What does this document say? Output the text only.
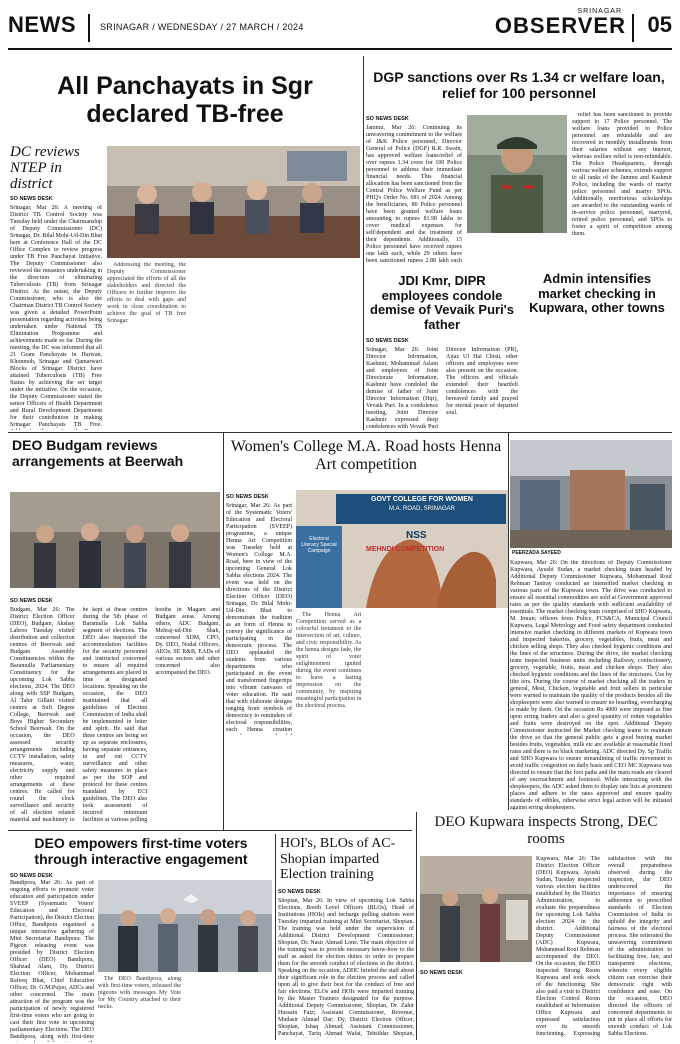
NEWS	SRINAGAR / WEDNESDAY / 27 MARCH / 2024
SRINAGAR
OBSERVER 05
All Panchayats in Sgr declared TB-free
DC reviews NTEP in district
SO NEWS DESK
Srinagar, Mar 26: A meeting of District TB Control Society was Tuesday held under the Chairmanship of Deputy Commissioner (DC) Srinagar, Dr. Bilal Mohi-Ud-Din Bhat here at Conference Hall of the DC Office Complex to review progress under TB Free Panchayat Initiative. The Deputy Commissioner also reviewed the measures undertaking in the direction of eliminating Tuberculosis (TB) from Srinagar District. At the outset, the Deputy Commissioner, who is also the Chairman District TB Control Society was given a detailed PowerPoint presentation regarding activities being undertaken under National TB Elimination Programme and achievements made so far. During the meeting, the DC was informed that all 21 Gram Panchayats in Harwan, Khonmoh, Srinagar and Qamarwari Blocks of Srinagar District have attained Tuberculosis (TB) Free Status by achieving the set target under the initiative. On the occasion, the Deputy Commissioner stated the senior Officers of Health Department and Rural Development Department for their contribution in making Srinagar Panchayats TB Free.

Addressing the meeting, the Deputy Commissioner appreciated the efforts of all the stakeholders and directed the Officers to further improve the efforts to deal with gaps and work in close coordination to achieve the goal of TB free Srinagar.

DGP sanctions over Rs 1.34 cr welfare loan, relief for 100 personnel
SO NEWS DESK
Jammu, Mar 26: Continuing its unwavering commitment to the welfare of J&K Police personnel, Director General of Police (DGP) R.R. Swain, has approved welfare loans/relief of over rupees 1.34 crore for 100 Police personnel to address their immediate financial needs. This financial allocation has been sanctioned from the Central Police Welfare Fund as per PHQ's Order No. 681 of 2024. Among the beneficiaries, 80 Police personnel have been granted welfare loans amounting to rupees 81.98 lakhs to cover medical expenses for self/dependent and the treatment of their dependents. Additionally, 15 Police personnel have received rupees one lakh each, while 29 others have been sanctioned rupees 2.88 lakh each

relief has been sanctioned to provide support to 17 Police personnel. The welfare loans provided to Police personnel are refundable and are recovered in monthly installments from their salaries without any interest, whereas welfare relief is non-refundable. The Police Headquarters, through various welfare schemes, extends support to all ranks of the Jammu and Kashmir Police, including the wards of martyr police personnel and martyr SPOs. Additionally, meritorious scholarships are awarded to the outstanding wards of in-service police personnel, martyred, retired police personnel, and SPOs to foster a spirit of competition among them.

JDI Kmr, DIPR employees condole demise of Vevaik Puri's father
SO NEWS DESK
Srinagar, Mar 26: Joint Director Information, Kashmir, Mohammad Aslam and employees of Joint Directorate Information, Kashmir have condoled the demise of father of Joint Director Information (Hqr), Vevaik Puri. In a condolence meeting, Joint Director Kashmir expressed deep condolences with Vevaik Puri Director Information (PR), Aijaz Ul Hai Chisti, other officers and employees were also present on the occasion. The officers and officials extended their heartfelt condolences with the bereaved family and prayed for eternal peace of departed soul.
Admin intensifies market checking in Kupwara, other towns
PEERZADA SAYEED
Kupwara, Mar 26: On the directions of Deputy Commissioner Kupwara, Ayushi Sudan, a market checking team headed by Additional Deputy Commissioner Kupwara, Mohammad Rouf Rehman Tantray conducted an intensified market checking in various parts of the Kupwara town. The drive was conducted to ensure all essential commodities are sold at Government approved rates as per the quality standards with sufficient availability of essentials. The market checking team comprised of SHO Kupwara, M. Imran; officers from Police, FCS&CA, Municipal Council Kupwara, Legal Metrology and Food safety department conducted intensive market checking in different markets of Kupwara town and inspected bakeries, grocery, vegetables, fruits, meat and chicken selling shops. They also checked hygienic conditions and the lines of the structures. During the drive, the market checking team inspected business units including Railway, confectionery, grocery, vegetable, fruits, meat and chicken shops. They also checked hygienic conditions and the lines of the structures. Use by tthe ters. During the course of market checking all the traders in general, Meat, Chicken, vegetable and fruit sellers in particular were warned to maintain the quality of the products besides all the shopkeepers were also warned to ensure no hoarding, overcharging is made by them. On the occasion Rs 4900 were imposed as fine upon erring traders and also a good quantity of rotten vegetables and fruits were destroyed on the spot. Additional Deputy Commissioner instructed the Market checking teams to maintain the drive so that the general public gets a good buying market besides fruits, vegetables, milk etc are available at reasonable fixed rates and there is no black marketing. ADC directed Dy. Sp Traffic and SHO Kupwara to ensure streamlining of traffic movement to avoid traffic congestion on daily basis and CEO MC Kupwara was directed to ensure that the foot paths and the main roads are cleared of any encroachment and footstool. While interacting with the shopkeepers, the ADC asked them to display rate lists at prominent places and adhere to the rates approved and ensure quality standards of edibles, otherwise strict legal action will be initiated against erring shopkeepers.
DEO Budgam reviews arrangements at Beerwah
SO NEWS DESK
Budgam, Mar 26: The District Election Officer (DEO), Budgam, Akshay Labroo Tuesday visited distribution and collection centres of Beerwah and Budgam Assembly Constituencies within the Baramulla Parliamentary Constituency for the upcoming Lok Sabha elections, 2024. The DEO along with SSP Budgam, Al Tahir Gillani visited centres at Sufi Degree College, Beerwah and Boys Higher Secondary School Beerwah. On the occasion, the DEO assessed security arrangements including CCTV installation, safety measures, water, electricity supply and other required arrangements at these centres. He called for round the clock surveillance and security of all election related material and machinery to be kept at these centres during the 5th phase of Baramulla Lok Sabha segment of elections. The DEO also inspected the accommodation facilities for the security personnel and instructed concerned to ensure all required arrangements are placed in time at designated locations. Speaking on the occasion, the DEO maintained that all guidelines of Election Commission of India shall be implemented in letter and spirit. He said that these centres are being set up as separate enclosures, having separate entrances, in and out CCTV surveillance and other safety measures in place as per the SOP and protocol for these centres mandated by ECI guidelines. The DEO also took assessment of incurred minimum facilities at various polling booths in Magam and Budgam areas. Among others, ADC Budgam, Mehraj-ud-Din Shah, concerned SDM, CPO, Dy. DEO, Nodal Officers, AEOs, SE R&B, EADs of various sectors and other concerned also accompanied the DEO.
Women's College M.A. Road hosts Henna Art competition
GOVT COLLEGE FOR WOMEN
M.A. ROAD, SRINAGAR
NSS
MEHNDI COMPETITION
Electoral Literacy Special Campaign
SO NEWS DESK
Srinagar, Mar 26: As part of the Systematic Voters' Education and Electoral Participation (SVEEP) programme, a unique Henna Art Competition was Tuesday held at Women's College M.A. Road, here in view of the upcoming General Lok Sabha elections 2024. The event was held on the directions of the District Election Officer (DEO) Srinagar, Dr. Bilal Mohi-Ud-Din Bhat to demonstrate the tradition as an form of Henna to convey the significance of participating in the democratic process. The DEO applauded the students from various departments who participated in the event and transformed fingertips into vibrant canvases of voter education. He said that with elaborate designs ranging from symbols of democracy to reminders of electoral responsibilities, each Henna creation

The Henna Art Competition served as a colourful testament to the intersection of art, culture, and civic responsibility. As the henna designs fade, the spirit of voter enlightenment ignited during the event continues to leave a lasting impression on the community, by inspiring meaningful participation in the electoral process.

DEO empowers first-time voters through interactive engagement
SO NEWS DESK
Bandipora, Mar 26: As part of ongoing efforts to promote voter education and participation under SVEEP (Systematic Voters' Education and Electoral Participation), the District Election Office, Bandipora organised a unique interactive gathering of Mini Secretariat Bandipora. The Pigeon releasing event was presided by District Election Officer (DEO) Bandipora, Shahzad Alam, Dy. District Election Officer, Mohammad Rafeeq Bhat, Chief Education Officer, Dr. G.M.Pujoo, ADCs and other concerned. The main attraction of the program was the participation of newly registered first-time voters who are going to cast their first vote in upcoming parliamentary Elections. The DEO Bandipora, along with first-time

The DEO Bandipora, along with first-time voters, released the pigeons with messages My Vote for My Country attached to their necks.

HOI's, BLOs of AC-Shopian imparted Election training
SO NEWS DESK
Shopian, Mar 26: In view of upcoming Lok Sabha Elections, Booth Level Officers (BLOs), Head of Institutions (HOIs) and incharge polling stations were Tuesday imparted training at Mini Secretariat, Shopian. The training was held under the supervision of Additional District Development Commissioner, Shopian, Dr. Nasir Ahmad Lone. The main objective of the training was to provide necessary know-how to the staff as asked for election duties in order to prepare them for the smooth conduct of elections in the district. Speaking on the occasion, ADDC briefed the staff about their significant role in the election process and called upon all to give their best for the conduct of free and fair elections. ELOs and HOIs were imparted training by the Master Trainers designated for the purpose. Additional Deputy Commissioner, Shopian, Dr. Zahir Hussain Faiz; Assistant Commissioner, Revenue, Mudasir Ahmad Dar; Dy. District Election Officer, Shopian, Ishaq Ahmad; Assistant Commissioner, Panchayat, Tariq Ahmad Wafai, Tehsildar Shopian,
DEO Kupwara inspects Strong, DEC rooms
SO NEWS DESK
Kupwara, Mar 26: The District Election Officer (DEO) Kupwara, Ayushi Sudan, Tuesday inspected various election facilities established by the District Administration, to evaluate the preparedness for upcoming Lok Sabha election 2024 in the district. Additional Deputy Commissioner (ADC) Kupwara, Mohammad Rouf Rehman accompanied the DEO. On the occasion, the DEO inspected Strong Room Kupwara and took stock of the functioning. She also paid a visit to District Election Control Room established at Information Office Kupwara and expressed satisfaction over its smooth functioning. Expressing satisfaction with the overall preparedness observed during the inspection, the DEO underscored the importance of ensuring adherence to prescribed standards of Election Commission of India to uphold the integrity and fairness of the electoral process. She reiterated the unwavering commitment of the administration to facilitating free, fair, and transparent elections, wherein every eligible citizen can exercise their democratic right with confidence and ease. On the occasion, DEO directed the officers of concerned departments to put in place all efforts for smooth conduct of Lok Sabha Elections.
